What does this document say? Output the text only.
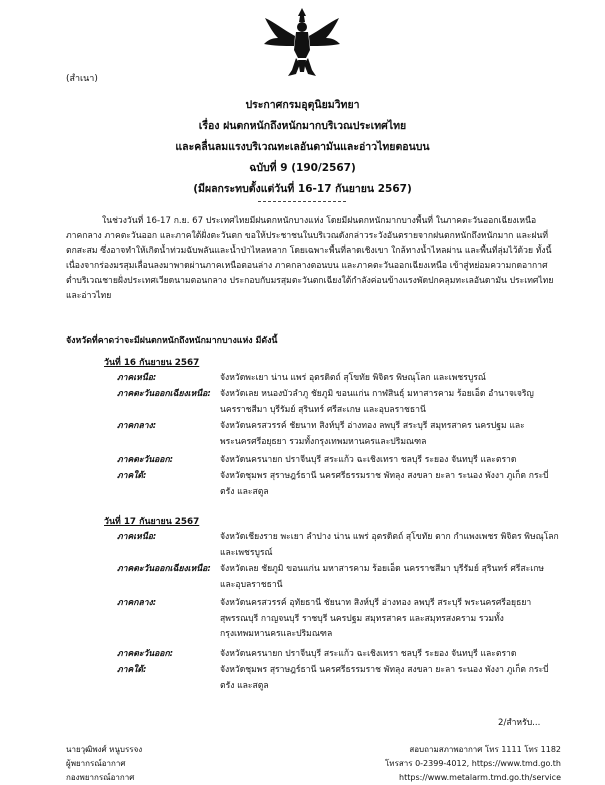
(สำเนา)
ประกาศกรมอุตุนิยมวิทยา
เรื่อง ฝนตกหนักถึงหนักมากบริเวณประเทศไทย
และคลื่นลมแรงบริเวณทะเลอันดามันและอ่าวไทยตอนบน
ฉบับที่ 9 (190/2567)
(มีผลกระทบตั้งแต่วันที่ 16-17 กันยายน 2567)
ในช่วงวันที่ 16-17 ก.ย. 67 ประเทศไทยมีฝนตกหนักบางแห่ง โดยมีฝนตกหนักมากบางพื้นที่ ในภาคตะวันออกเฉียงเหนือ ภาคกลาง ภาคตะวันออก และภาคใต้ฝั่งตะวันตก ขอให้ประชาชนในบริเวณดังกล่าวระวังอันตรายจากฝนตกหนักถึงหนักมาก และฝนที่ตกสะสม ซึ่งอาจทำให้เกิดน้ำท่วมฉับพลันและน้ำป่าไหลหลาก โดยเฉพาะพื้นที่ลาดเชิงเขา ใกล้ทางน้ำไหลผ่าน และพื้นที่ลุ่มไว้ด้วย ทั้งนี้เนื่องจากร่องมรสุมเลื่อนลงมาพาดผ่านภาคเหนือตอนล่าง ภาคกลางตอนบน และภาคตะวันออกเฉียงเหนือ เข้าสู่หย่อมความกดอากาศต่ำบริเวณชายฝั่งประเทศเวียดนามตอนกลาง ประกอบกับมรสุมตะวันตกเฉียงใต้กำลังค่อนข้างแรงพัดปกคลุมทะเลอันดามัน ประเทศไทย และอ่าวไทย
จังหวัดที่คาดว่าจะมีฝนตกหนักถึงหนักมากบางแห่ง มีดังนี้
วันที่ 16 กันยายน 2567
ภาคเหนือ:	จังหวัดพะเยา น่าน แพร่ อุตรดิตถ์ สุโขทัย พิจิตร พิษณุโลก และเพชรบูรณ์
ภาคตะวันออกเฉียงเหนือ: จังหวัดเลย หนองบัวลำภู ชัยภูมิ ขอนแก่น กาฬสินธุ์ มหาสารคาม ร้อยเอ็ด อำนาจเจริญ นครราชสีมา บุรีรัมย์ สุรินทร์ ศรีสะเกษ และอุบลราชธานี
ภาคกลาง:	จังหวัดนครสวรรค์ ชัยนาท สิงห์บุรี อ่างทอง ลพบุรี สระบุรี สมุทรสาคร นครปฐม และพระนครศรีอยุธยา รวมทั้งกรุงเทพมหานครและปริมณฑล
ภาคตะวันออก:	จังหวัดนครนายก ปราจีนบุรี สระแก้ว ฉะเชิงเทรา ชลบุรี ระยอง จันทบุรี และตราด
ภาคใต้:	จังหวัดชุมพร สุราษฎร์ธานี นครศรีธรรมราช พัทลุง สงขลา ยะลา ระนอง พังงา ภูเก็ต กระบี่ ตรัง และสตูล
วันที่ 17 กันยายน 2567
ภาคเหนือ:	จังหวัดเชียงราย พะเยา ลำปาง น่าน แพร่ อุตรดิตถ์ สุโขทัย ตาก กำแพงเพชร พิจิตร พิษณุโลก และเพชรบูรณ์
ภาคตะวันออกเฉียงเหนือ: จังหวัดเลย ชัยภูมิ ขอนแก่น มหาสารคาม ร้อยเอ็ด นครราชสีมา บุรีรัมย์ สุรินทร์ ศรีสะเกษ และอุบลราชธานี
ภาคกลาง:	จังหวัดนครสวรรค์ อุทัยธานี ชัยนาท สิงห์บุรี อ่างทอง ลพบุรี สระบุรี พระนครศรีอยุธยา สุพรรณบุรี กาญจนบุรี ราชบุรี นครปฐม สมุทรสาคร และสมุทรสงคราม รวมทั้งกรุงเทพมหานครและปริมณฑล
ภาคตะวันออก:	จังหวัดนครนายก ปราจีนบุรี สระแก้ว ฉะเชิงเทรา ชลบุรี ระยอง จันทบุรี และตราด
ภาคใต้:	จังหวัดชุมพร สุราษฎร์ธานี นครศรีธรรมราช พัทลุง สงขลา ยะลา ระนอง พังงา ภูเก็ต กระบี่ ตรัง และสตูล
2/สำหรับ...
นายวุฒิพงศ์ หนูบรรจง
ผู้พยากรณ์อากาศ
กองพยากรณ์อากาศ
สอบถามสภาพอากาศ โทร 1111 โทร 1182
โทรสาร 0-2399-4012, https://www.tmd.go.th
https://www.metalarm.tmd.go.th/service
